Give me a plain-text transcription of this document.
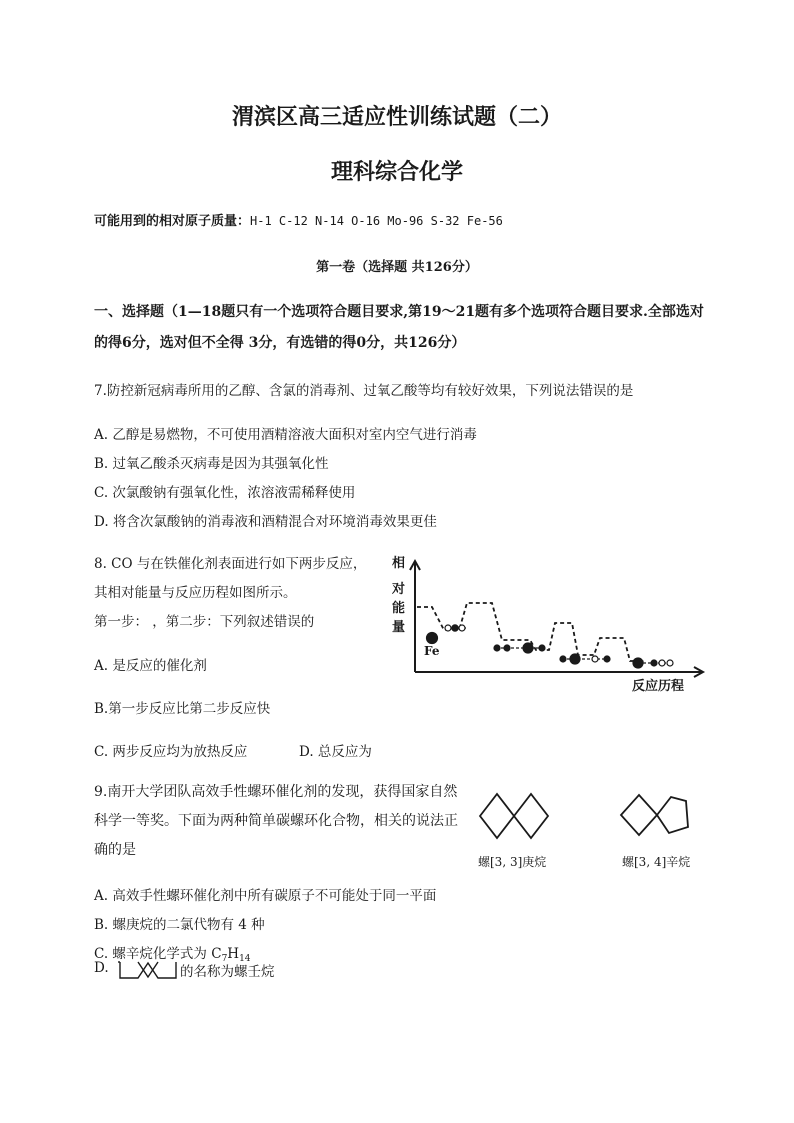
渭滨区高三适应性训练试题（二）
理科综合化学
可能用到的相对原子质量：H-1 C-12 N-14 O-16 Mo-96 S-32 Fe-56
第一卷（选择题 共126分）
一、选择题（1—18题只有一个选项符合题目要求,第19～21题有多个选项符合题目要求.全部选对的得6分，选对但不全得 3分，有选错的得0分，共126分）
7.防控新冠病毒所用的乙醇、含氯的消毒剂、过氧乙酸等均有较好效果，下列说法错误的是
A. 乙醇是易燃物，不可使用酒精溶液大面积对室内空气进行消毒
B. 过氧乙酸杀灭病毒是因为其强氧化性
C. 次氯酸钠有强氧化性，浓溶液需稀释使用
D. 将含次氯酸钠的消毒液和酒精混合对环境消毒效果更佳
8. CO 与在铁催化剂表面进行如下两步反应，
其相对能量与反应历程如图所示。
第一步： ，第二步：下列叙述错误的
A. 是反应的催化剂
B.第一步反应比第二步反应快
C. 两步反应均为放热反应	D. 总反应为
相
对
能
量
反应历程
Fe
9.南开大学团队高效手性螺环催化剂的发现，获得国家自然科学一等奖。下面为两种简单碳螺环化合物，相关的说法正确的是
螺[3, 3]庚烷	螺[3, 4]辛烷
A. 高效手性螺环催化剂中所有碳原子不可能处于同一平面
B. 螺庚烷的二氯代物有 4 种
C. 螺辛烷化学式为 $C_7H_{14}$
D.	的名称为螺壬烷
